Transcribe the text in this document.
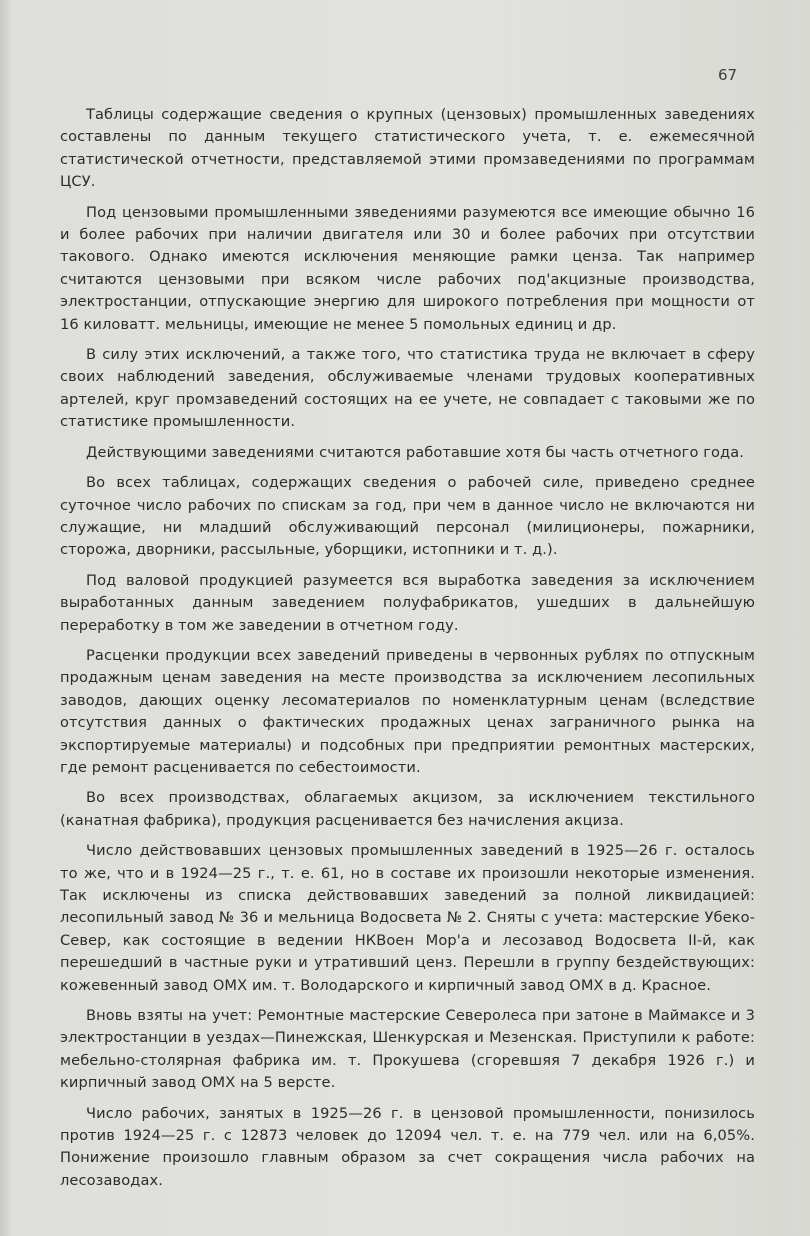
67

Таблицы содержащие сведения о крупных (цензовых) промышленных заведениях составлены по данным текущего статистического учета, т. е. ежемесячной статистической отчетности, представляемой этими промзаведениями по программам ЦСУ.

Под цензовыми промышленными зяведениями разумеются все имеющие обычно 16 и более рабочих при наличии двигателя или 30 и более рабочих при отсутствии такового. Однако имеются исключения меняющие рамки ценза. Так например считаются цензовыми при всяком числе рабочих под'акцизные производства, электростанции, отпускающие энергию для широкого потребления при мощности от 16 киловатт. мельницы, имеющие не менее 5 помольных единиц и др.

В силу этих исключений, а также того, что статистика труда не включает в сферу своих наблюдений заведения, обслуживаемые членами трудовых кооперативных артелей, круг промзаведений состоящих на ее учете, не совпадает с таковыми же по статистике промышленности.

Действующими заведениями считаются работавшие хотя бы часть отчетного года.

Во всех таблицах, содержащих сведения о рабочей силе, приведено среднее суточное число рабочих по спискам за год, при чем в данное число не включаются ни служащие, ни младший обслуживающий персонал (милиционеры, пожарники, сторожа, дворники, рассыльные, уборщики, истопники и т. д.).

Под валовой продукцией разумеется вся выработка заведения за исключением выработанных данным заведением полуфабрикатов, ушедших в дальнейшую переработку в том же заведении в отчетном году.

Расценки продукции всех заведений приведены в червонных рублях по отпускным продажным ценам заведения на месте производства за исключением лесопильных заводов, дающих оценку лесоматериалов по номенклатурным ценам (вследствие отсутствия данных о фактических продажных ценах заграничного рынка на экспортируемые материалы) и подсобных при предприятии ремонтных мастерских, где ремонт расценивается по себестоимости.

Во всех производствах, облагаемых акцизом, за исключением текстильного (канатная фабрика), продукция расценивается без начисления акциза.

Число действовавших цензовых промышленных заведений в 1925—26 г. осталось то же, что и в 1924—25 г., т. е. 61, но в составе их произошли некоторые изменения. Так исключены из списка действовавших заведений за полной ликвидацией: лесопильный завод № 36 и мельница Водосвета № 2. Сняты с учета: мастерские Убеко-Север, как состоящие в ведении НКВоен Мор'а и лесозавод Водосвета II-й, как перешедший в частные руки и утративший ценз. Перешли в группу бездействующих: кожевенный завод ОМХ им. т. Володарского и кирпичный завод ОМХ в д. Красное.

Вновь взяты на учет: Ремонтные мастерские Северолеса при затоне в Маймаксе и 3 электростанции в уездах—Пинежская, Шенкурская и Мезенская. Приступили к работе: мебельно-столярная фабрика им. т. Прокушева (сгоревшяя 7 декабря 1926 г.) и кирпичный завод ОМХ на 5 версте.

Число рабочих, занятых в 1925—26 г. в цензовой промышленности, понизилось против 1924—25 г. с 12873 человек до 12094 чел. т. е. на 779 чел. или на 6,05%. Понижение произошло главным образом за счет сокращения числа рабочих на лесозаводах.
